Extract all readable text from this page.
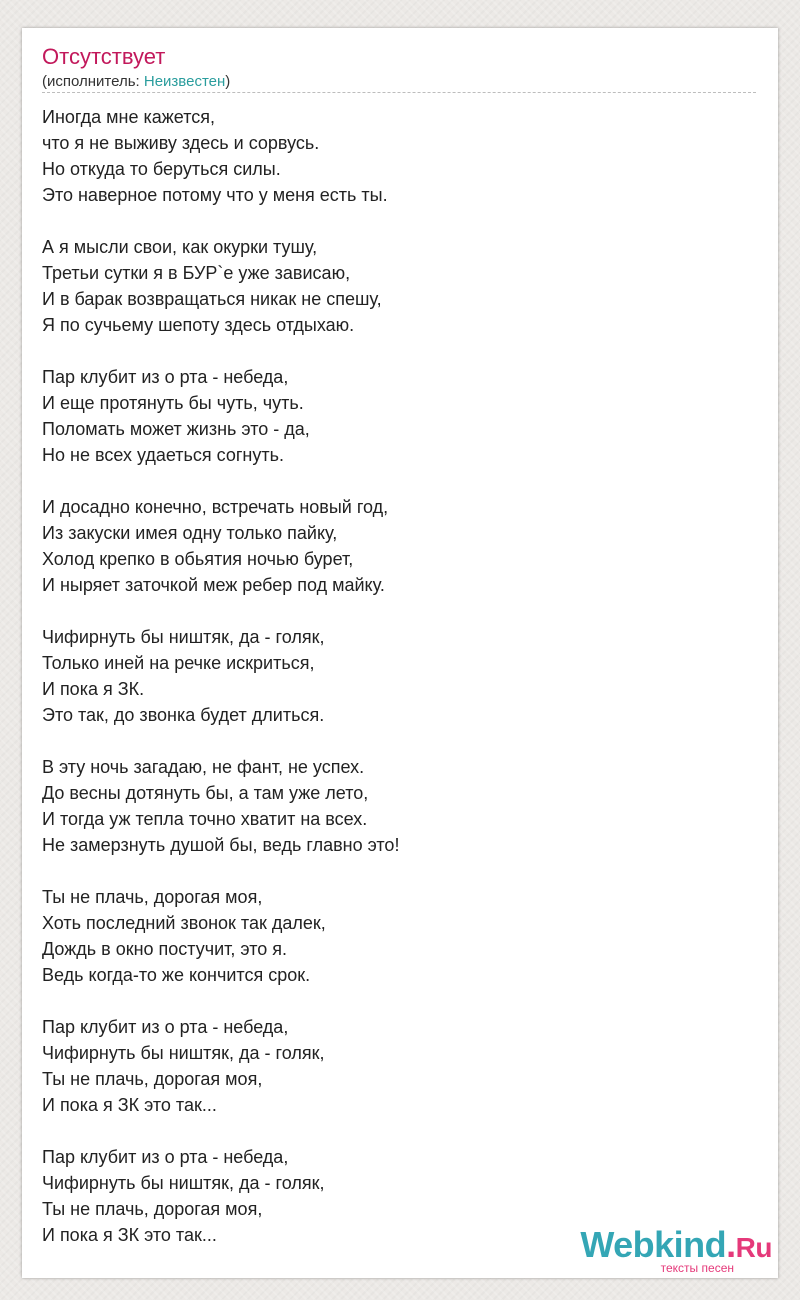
Отсутствует
(исполнитель: Неизвестен)
Иногда мне кажется,
что я не выживу здесь и сорвусь.
Но откуда то беруться силы.
Это наверное потому что у меня есть ты.
А я мысли свои, как окурки тушу,
Третьи сутки я в БУР`е уже зависаю,
И в барак возвращаться никак не спешу,
Я по сучьему шепоту здесь отдыхаю.
Пар клубит из о рта - небеда,
И еще протянуть бы чуть, чуть.
Поломать может жизнь это - да,
Но не всех удаеться согнуть.
И досадно конечно, встречать новый год,
Из закуски имея одну только пайку,
Холод крепко в обьятия ночью бурет,
И ныряет заточкой меж ребер под майку.
Чифирнуть бы ништяк, да - голяк,
Только иней на речке искриться,
И пока я ЗК.
Это так, до звонка будет длиться.
В эту ночь загадаю, не фант, не успех.
До весны дотянуть бы, а там уже лето,
И тогда уж тепла точно хватит на всех.
Не замерзнуть душой бы, ведь главно это!
Ты не плачь, дорогая моя,
Хоть последний звонок так далек,
Дождь в окно постучит, это я.
Ведь когда-то же кончится срок.
Пар клубит из о рта - небеда,
Чифирнуть бы ништяк, да - голяк,
Ты не плачь, дорогая моя,
И пока я ЗК это так...
Пар клубит из о рта - небеда,
Чифирнуть бы ништяк, да - голяк,
Ты не плачь, дорогая моя,
И пока я ЗК это так...	Webkind.Ru
тексты песен
